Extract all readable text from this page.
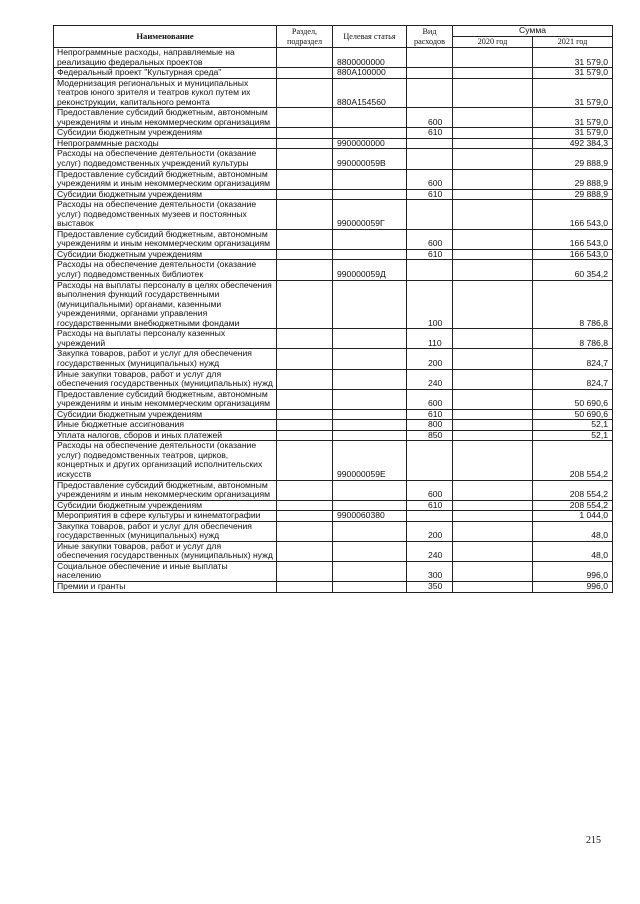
Наименование	Раздел, подраздел	Целевая статья	Вид расходов	Сумма	
				2020 год	2021 год
Непрограммные расходы, направляемые на реализацию федеральных проектов		8800000000			31 579,0
Федеральный проект "Культурная среда"		880A100000			31 579,0
Модернизация региональных и муниципальных театров юного зрителя и театров кукол путем их реконструкции, капитального ремонта		880A154560			31 579,0
Предоставление субсидий бюджетным, автономным учреждениям и иным некоммерческим организациям			600		31 579,0
Субсидии бюджетным учреждениям			610		31 579,0
Непрограммные расходы		9900000000			492 384,3
Расходы на обеспечение деятельности (оказание услуг) подведомственных учреждений культуры		990000059В			29 888,9
Предоставление субсидий бюджетным, автономным учреждениям и иным некоммерческим организациям			600		29 888,9
Субсидии бюджетным учреждениям			610		29 888,9
Расходы на обеспечение деятельности (оказание услуг) подведомственных музеев и постоянных выставок		990000059Г			166 543,0
Предоставление субсидий бюджетным, автономным учреждениям и иным некоммерческим организациям			600		166 543,0
Субсидии бюджетным учреждениям			610		166 543,0
Расходы на обеспечение деятельности (оказание услуг) подведомственных библиотек		990000059Д			60 354,2
Расходы на выплаты персоналу в целях обеспечения выполнения функций государственными (муниципальными) органами, казенными учреждениями, органами управления государственными внебюджетными фондами			100		8 786,8
Расходы на выплаты персоналу казенных учреждений			110		8 786,8
Закупка товаров, работ и услуг для обеспечения государственных (муниципальных) нужд			200		824,7
Иные закупки товаров, работ и услуг для обеспечения государственных (муниципальных) нужд			240		824,7
Предоставление субсидий бюджетным, автономным учреждениям и иным некоммерческим организациям			600		50 690,6
Субсидии бюджетным учреждениям			610		50 690,6
Иные бюджетные ассигнования			800		52,1
Уплата налогов, сборов и иных платежей			850		52,1
Расходы на обеспечение деятельности (оказание услуг) подведомственных театров, цирков, концертных и других организаций исполнительских искусств		990000059Е			208 554,2
Предоставление субсидий бюджетным, автономным учреждениям и иным некоммерческим организациям			600		208 554,2
Субсидии бюджетным учреждениям			610		208 554,2
Мероприятия в сфере культуры и кинематографии		9900060380			1 044,0
Закупка товаров, работ и услуг для обеспечения государственных (муниципальных) нужд			200		48,0
Иные закупки товаров, работ и услуг для обеспечения государственных (муниципальных) нужд			240		48,0
Социальное обеспечение и иные выплаты населению			300		996,0
Премии и гранты			350		996,0
215
